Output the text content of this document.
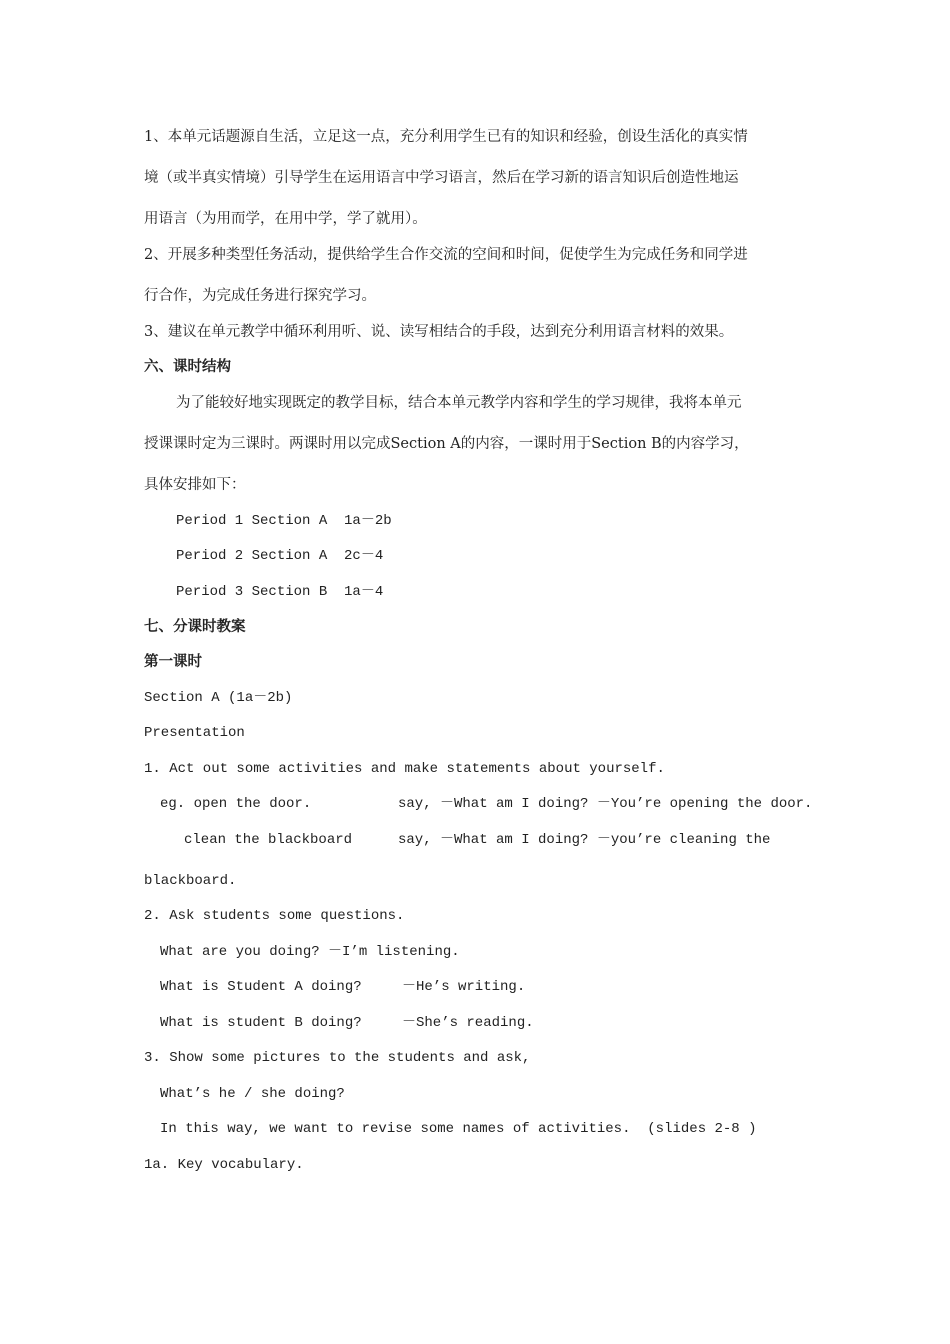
1、本单元话题源自生活，立足这一点，充分利用学生已有的知识和经验，创设生活化的真实情
境（或半真实情境）引导学生在运用语言中学习语言，然后在学习新的语言知识后创造性地运
用语言（为用而学，在用中学，学了就用）。
2、开展多种类型任务活动，提供给学生合作交流的空间和时间，促使学生为完成任务和同学进
行合作，为完成任务进行探究学习。
3、建议在单元教学中循环利用听、说、读写相结合的手段，达到充分利用语言材料的效果。
六、课时结构
为了能较好地实现既定的教学目标，结合本单元教学内容和学生的学习规律，我将本单元
授课课时定为三课时。两课时用以完成Section A的内容，一课时用于Section B的内容学习，
具体安排如下：
Period 1 Section A  1a－2b
Period 2 Section A  2c－4
Period 3 Section B  1a－4
七、分课时教案
第一课时
Section A (1a－2b)
Presentation
1. Act out some activities and make statements about yourself.
eg. open the door.	say, －What am I doing? －You’re opening the door.
clean the blackboard	say, －What am I doing? －you’re cleaning the
blackboard.
2. Ask students some questions.
What are you doing? －I’m listening.
What is Student A doing?	－He’s writing.
What is student B doing?	－She’s reading.
3. Show some pictures to the students and ask,
What’s he / she doing?
In this way, we want to revise some names of activities.  (slides 2-8 )
1a. Key vocabulary.
